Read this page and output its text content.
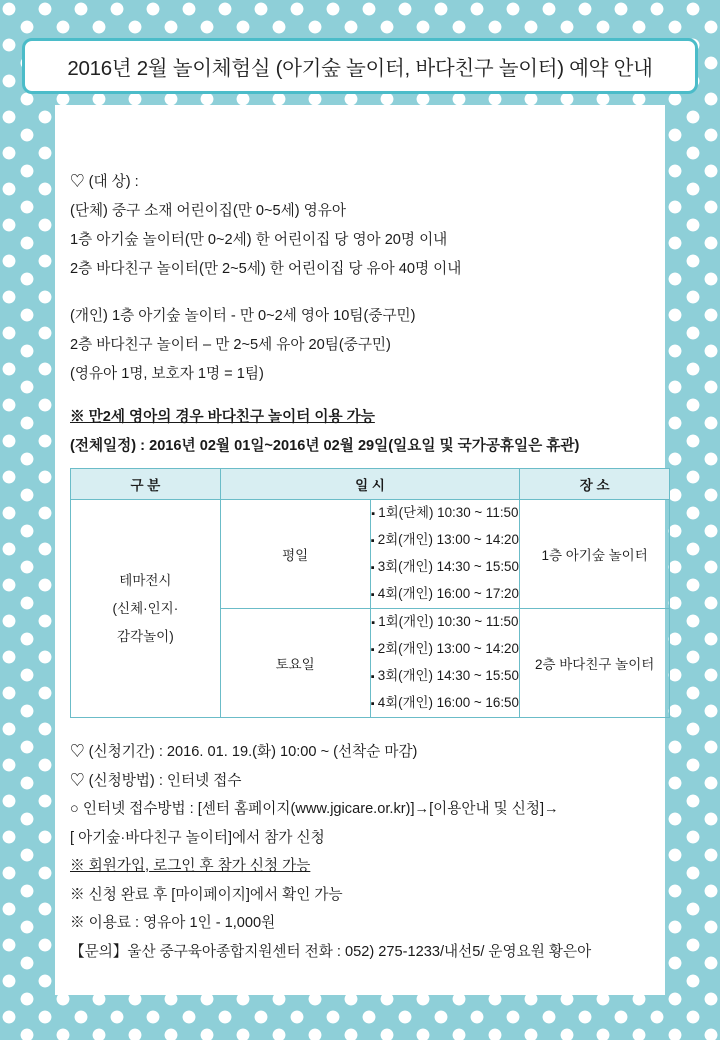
2016년 2월 놀이체험실 (아기숲 놀이터, 바다친구 놀이터) 예약 안내
♡ (대 상) :
(단체) 중구 소재 어린이집(만 0~5세) 영유아
1층 아기숲 놀이터(만 0~2세) 한 어린이집 당 영아 20명 이내
2층 바다친구 놀이터(만 2~5세) 한 어린이집 당 유아 40명 이내
(개인) 1층 아기숲 놀이터 - 만 0~2세 영아 10팀(중구민)
2층 바다친구 놀이터 – 만 2~5세 유아 20팀(중구민)
(영유아 1명, 보호자 1명 = 1팀)
※ 만2세 영아의 경우 바다친구 놀이터 이용 가능
(전체일정) : 2016년 02월 01일~2016년 02월 29일(일요일 및 국가공휴일은 휴관)
구 분	일 시		장 소

테마전시
(신체·인지·
감각놀이)
	평일	
▪ 1회(단체) 10:30 ~ 11:50
▪ 2회(개인) 13:00 ~ 14:20
▪ 3회(개인) 14:30 ~ 15:50
▪ 4회(개인) 16:00 ~ 17:20
	1층 아기숲 놀이터
	토요일	▪ 1회(개인) 10:30 ~ 11:50
▪ 2회(개인) 13:00 ~ 14:20
▪ 3회(개인) 14:30 ~ 15:50
▪ 4회(개인) 16:00 ~ 16:50	2층 바다친구 놀이터
♡ (신청기간) : 2016. 01. 19.(화) 10:00 ~ (선착순 마감)
♡ (신청방법) : 인터넷 접수
○ 인터넷 접수방법 : [센터 홈페이지(www.jgicare.or.kr)]→[이용안내 및 신청]→
[ 아기숲·바다친구 놀이터]에서 참가 신청
※ 회원가입, 로그인 후 참가 신청 가능
※ 신청 완료 후 [마이페이지]에서 확인 가능
※ 이용료 : 영유아 1인 - 1,000원
【문의】울산 중구육아종합지원센터 전화 : 052) 275-1233/내선5/ 운영요원 황은아
